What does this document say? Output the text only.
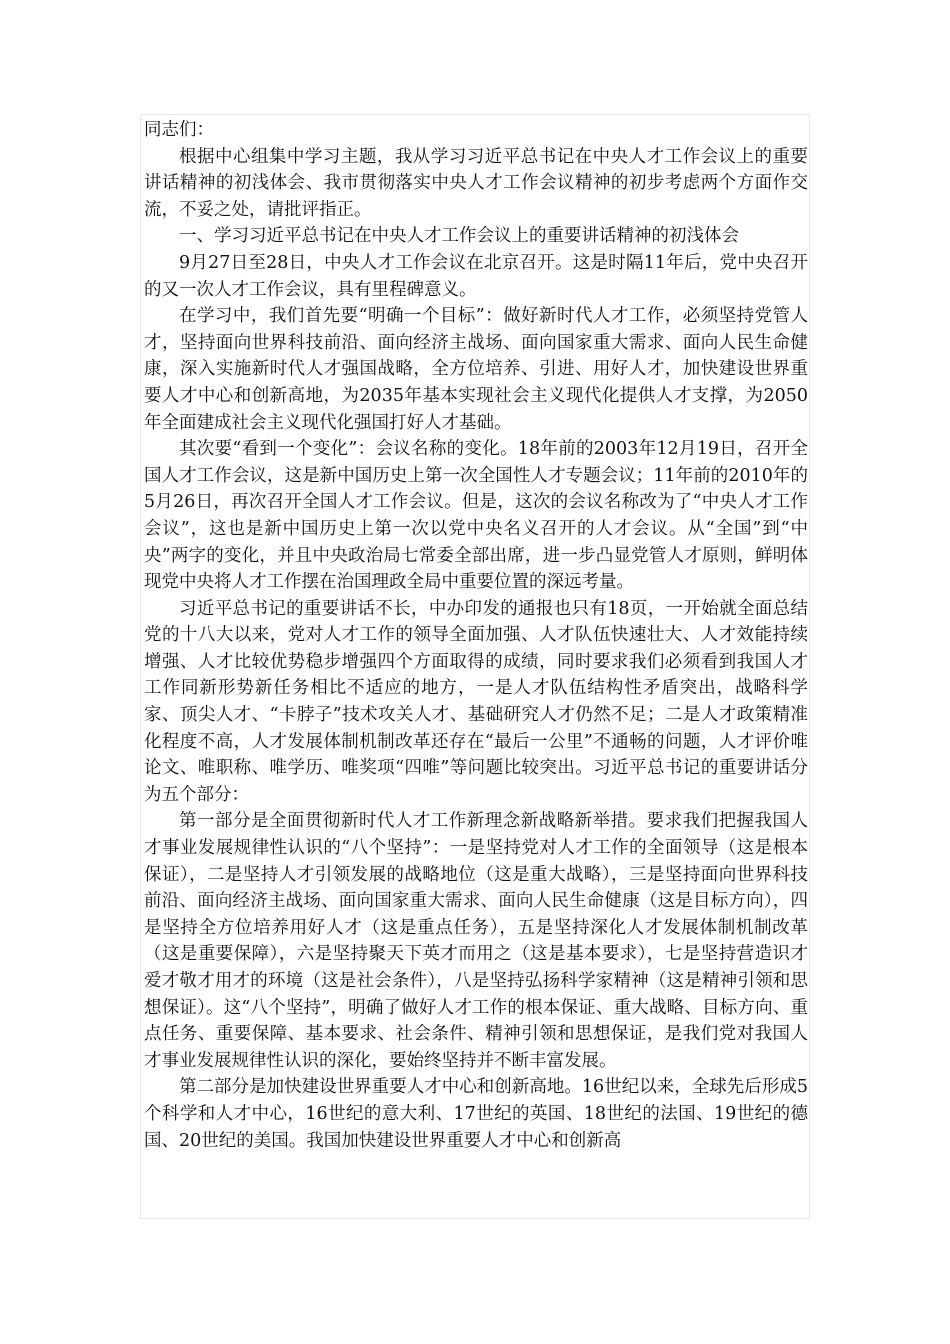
同志们：

根据中心组集中学习主题，我从学习习近平总书记在中央人才工作会议上的重要讲话精神的初浅体会、我市贯彻落实中央人才工作会议精神的初步考虑两个方面作交流，不妥之处，请批评指正。

一、学习习近平总书记在中央人才工作会议上的重要讲话精神的初浅体会

9月27日至28日，中央人才工作会议在北京召开。这是时隔11年后，党中央召开的又一次人才工作会议，具有里程碑意义。

在学习中，我们首先要“明确一个目标”：做好新时代人才工作，必须坚持党管人才，坚持面向世界科技前沿、面向经济主战场、面向国家重大需求、面向人民生命健康，深入实施新时代人才强国战略，全方位培养、引进、用好人才，加快建设世界重要人才中心和创新高地，为2035年基本实现社会主义现代化提供人才支撑，为2050年全面建成社会主义现代化强国打好人才基础。

其次要“看到一个变化”：会议名称的变化。18年前的2003年12月19日，召开全国人才工作会议，这是新中国历史上第一次全国性人才专题会议；11年前的2010年的5月26日，再次召开全国人才工作会议。但是，这次的会议名称改为了“中央人才工作会议”，这也是新中国历史上第一次以党中央名义召开的人才会议。从“全国”到“中央”两字的变化，并且中央政治局七常委全部出席，进一步凸显党管人才原则，鲜明体现党中央将人才工作摆在治国理政全局中重要位置的深远考量。

习近平总书记的重要讲话不长，中办印发的通报也只有18页，一开始就全面总结党的十八大以来，党对人才工作的领导全面加强、人才队伍快速壮大、人才效能持续增强、人才比较优势稳步增强四个方面取得的成绩，同时要求我们必须看到我国人才工作同新形势新任务相比不适应的地方，一是人才队伍结构性矛盾突出，战略科学家、顶尖人才、“卡脖子”技术攻关人才、基础研究人才仍然不足；二是人才政策精准化程度不高，人才发展体制机制改革还存在“最后一公里”不通畅的问题，人才评价唯论文、唯职称、唯学历、唯奖项“四唯”等问题比较突出。习近平总书记的重要讲话分为五个部分：

第一部分是全面贯彻新时代人才工作新理念新战略新举措。要求我们把握我国人才事业发展规律性认识的“八个坚持”：一是坚持党对人才工作的全面领导（这是根本保证），二是坚持人才引领发展的战略地位（这是重大战略），三是坚持面向世界科技前沿、面向经济主战场、面向国家重大需求、面向人民生命健康（这是目标方向），四是坚持全方位培养用好人才（这是重点任务），五是坚持深化人才发展体制机制改革（这是重要保障），六是坚持聚天下英才而用之（这是基本要求），七是坚持营造识才爱才敬才用才的环境（这是社会条件），八是坚持弘扬科学家精神（这是精神引领和思想保证）。这“八个坚持”，明确了做好人才工作的根本保证、重大战略、目标方向、重点任务、重要保障、基本要求、社会条件、精神引领和思想保证，是我们党对我国人才事业发展规律性认识的深化，要始终坚持并不断丰富发展。

第二部分是加快建设世界重要人才中心和创新高地。16世纪以来，全球先后形成5个科学和人才中心，16世纪的意大利、17世纪的英国、18世纪的法国、19世纪的德国、20世纪的美国。我国加快建设世界重要人才中心和创新高
